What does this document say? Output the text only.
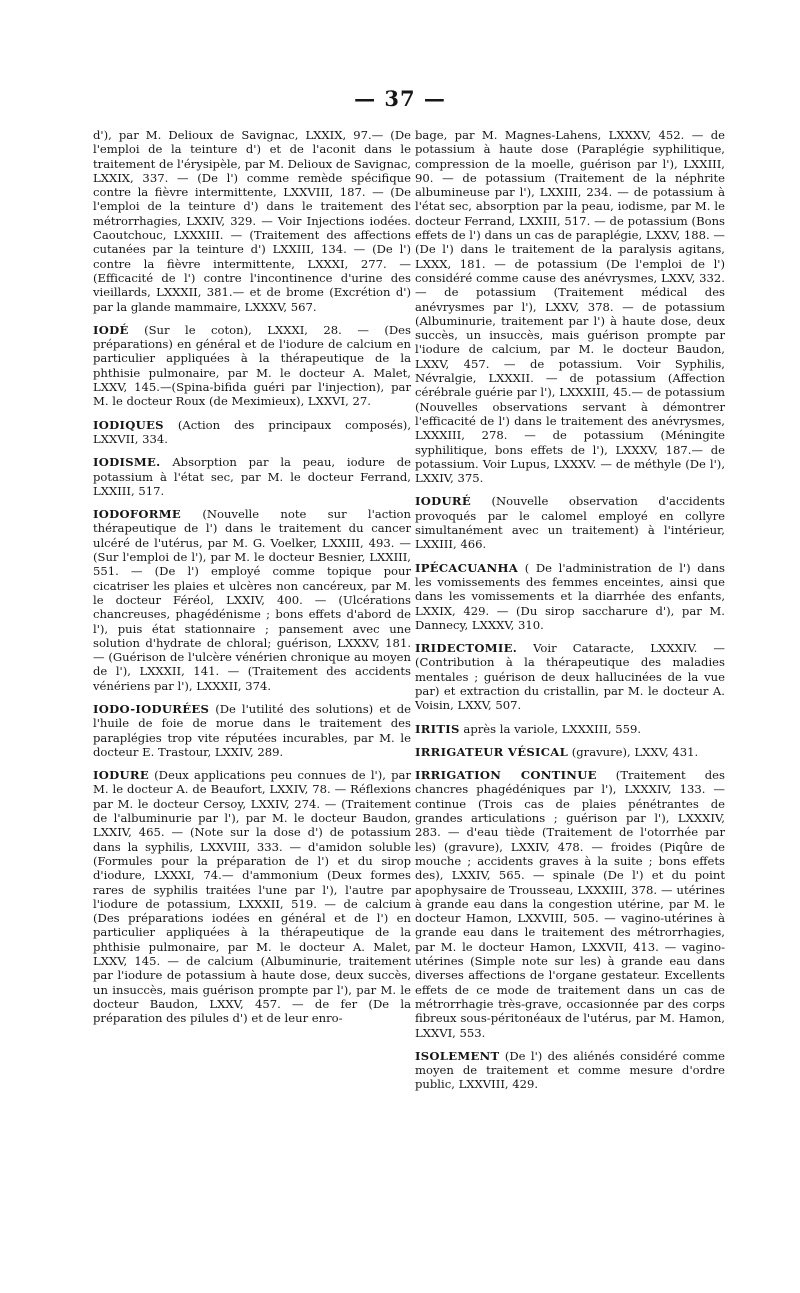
— 37 —

d'), par M. Delioux de Savignac, LXXIX, 97.— (De l'emploi de la teinture d') et de l'aconit dans le traitement de l'érysipèle, par M. Delioux de Savignac, LXXIX, 337. — (De l') comme remède spécifique contre la fièvre intermittente, LXXVIII, 187. — (De l'emploi de la teinture d') dans le traitement des métrorrhagies, LXXIV, 329. — Voir Injections iodées. Caoutchouc, LXXXIII. — (Traitement des affections cutanées par la teinture d') LXXIII, 134. — (De l') contre la fièvre intermittente, LXXXI, 277. — (Efficacité de l') contre l'incontinence d'urine des vieillards, LXXXII, 381.— et de brome (Excrétion d') par la glande mammaire, LXXXV, 567.

IODÉ (Sur le coton), LXXXI, 28. — (Des préparations) en général et de l'iodure de calcium en particulier appliquées à la thérapeutique de la phthisie pulmonaire, par M. le docteur A. Malet, LXXV, 145.—(Spina-bifida guéri par l'injection), par M. le docteur Roux (de Meximieux), LXXVI, 27.

IODIQUES (Action des principaux composés), LXXVII, 334.

IODISME. Absorption par la peau, iodure de potassium à l'état sec, par M. le docteur Ferrand, LXXIII, 517.

IODOFORME (Nouvelle note sur l'action thérapeutique de l') dans le traitement du cancer ulcéré de l'utérus, par M. G. Voelker, LXXIII, 493. — (Sur l'emploi de l'), par M. le docteur Besnier, LXXIII, 551. — (De l') employé comme topique pour cicatriser les plaies et ulcères non cancéreux, par M. le docteur Féréol, LXXIV, 400. — (Ulcérations chancreuses, phagédénisme ; bons effets d'abord de l'), puis état stationnaire ; pansement avec une solution d'hydrate de chloral; guérison, LXXXV, 181. — (Guérison de l'ulcère vénérien chronique au moyen de l'), LXXXII, 141. — (Traitement des accidents vénériens par l'), LXXXII, 374.

IODO-IODURÉES (De l'utilité des solutions) et de l'huile de foie de morue dans le traitement des paraplégies trop vite réputées incurables, par M. le docteur E. Trastour, LXXIV, 289.

IODURE (Deux applications peu connues de l'), par M. le docteur A. de Beaufort, LXXIV, 78. — Réflexions par M. le docteur Cersoy, LXXIV, 274. — (Traitement de l'albuminurie par l'), par M. le docteur Baudon, LXXIV, 465. — (Note sur la dose d') de potassium dans la syphilis, LXXVIII, 333. — d'amidon soluble (Formules pour la préparation de l') et du sirop d'iodure, LXXXI, 74.— d'ammonium (Deux formes rares de syphilis traitées l'une par l'), l'autre par l'iodure de potassium, LXXXII, 519. — de calcium (Des préparations iodées en général et de l') en particulier appliquées à la thérapeutique de la phthisie pulmonaire, par M. le docteur A. Malet, LXXV, 145. — de calcium (Albuminurie, traitement par l'iodure de potassium à haute dose, deux succès, un insuccès, mais guérison prompte par l'), par M. le docteur Baudon, LXXV, 457. — de fer (De la préparation des pilules d') et de leur enro-

bage, par M. Magnes-Lahens, LXXXV, 452. — de potassium à haute dose (Paraplégie syphilitique, compression de la moelle, guérison par l'), LXXIII, 90. — de potassium (Traitement de la néphrite albumineuse par l'), LXXIII, 234. — de potassium à l'état sec, absorption par la peau, iodisme, par M. le docteur Ferrand, LXXIII, 517. — de potassium (Bons effets de l') dans un cas de paraplégie, LXXV, 188. — (De l') dans le traitement de la paralysis agitans, LXXX, 181. — de potassium (De l'emploi de l') considéré comme cause des anévrysmes, LXXV, 332. — de potassium (Traitement médical des anévrysmes par l'), LXXV, 378. — de potassium (Albuminurie, traitement par l') à haute dose, deux succès, un insuccès, mais guérison prompte par l'iodure de calcium, par M. le docteur Baudon, LXXV, 457. — de potassium. Voir Syphilis, Névralgie, LXXXII. — de potassium (Affection cérébrale guérie par l'), LXXXIII, 45.— de potassium (Nouvelles observations servant à démontrer l'efficacité de l') dans le traitement des anévrysmes, LXXXIII, 278. — de potassium (Méningite syphilitique, bons effets de l'), LXXXV, 187.— de potassium. Voir Lupus, LXXXV. — de méthyle (De l'), LXXIV, 375.

IODURÉ (Nouvelle observation d'accidents provoqués par le calomel employé en collyre simultanément avec un traitement) à l'intérieur, LXXIII, 466.

IPÉCACUANHA ( De l'administration de l') dans les vomissements des femmes enceintes, ainsi que dans les vomissements et la diarrhée des enfants, LXXIX, 429. — (Du sirop saccharure d'), par M. Dannecy, LXXXV, 310.

IRIDECTOMIE. Voir Cataracte, LXXXIV. — (Contribution à la thérapeutique des maladies mentales ; guérison de deux hallucinées de la vue par) et extraction du cristallin, par M. le docteur A. Voisin, LXXV, 507.

IRITIS après la variole, LXXXIII, 559.

IRRIGATEUR VÉSICAL (gravure), LXXV, 431.

IRRIGATION CONTINUE (Traitement des chancres phagédéniques par l'), LXXXIV, 133. — continue (Trois cas de plaies pénétrantes de grandes articulations ; guérison par l'), LXXXIV, 283. — d'eau tiède (Traitement de l'otorrhée par les) (gravure), LXXIV, 478. — froides (Piqûre de mouche ; accidents graves à la suite ; bons effets des), LXXIV, 565. — spinale (De l') et du point apophysaire de Trousseau, LXXXIII, 378. — utérines à grande eau dans la congestion utérine, par M. le docteur Hamon, LXXVIII, 505. — vagino-utérines à grande eau dans le traitement des métrorrhagies, par M. le docteur Hamon, LXXVII, 413. — vagino-utérines (Simple note sur les) à grande eau dans diverses affections de l'organe gestateur. Excellents effets de ce mode de traitement dans un cas de métrorrhagie très-grave, occasionnée par des corps fibreux sous-péritonéaux de l'utérus, par M. Hamon, LXXVI, 553.

ISOLEMENT (De l') des aliénés considéré comme moyen de traitement et comme mesure d'ordre public, LXXVIII, 429.
